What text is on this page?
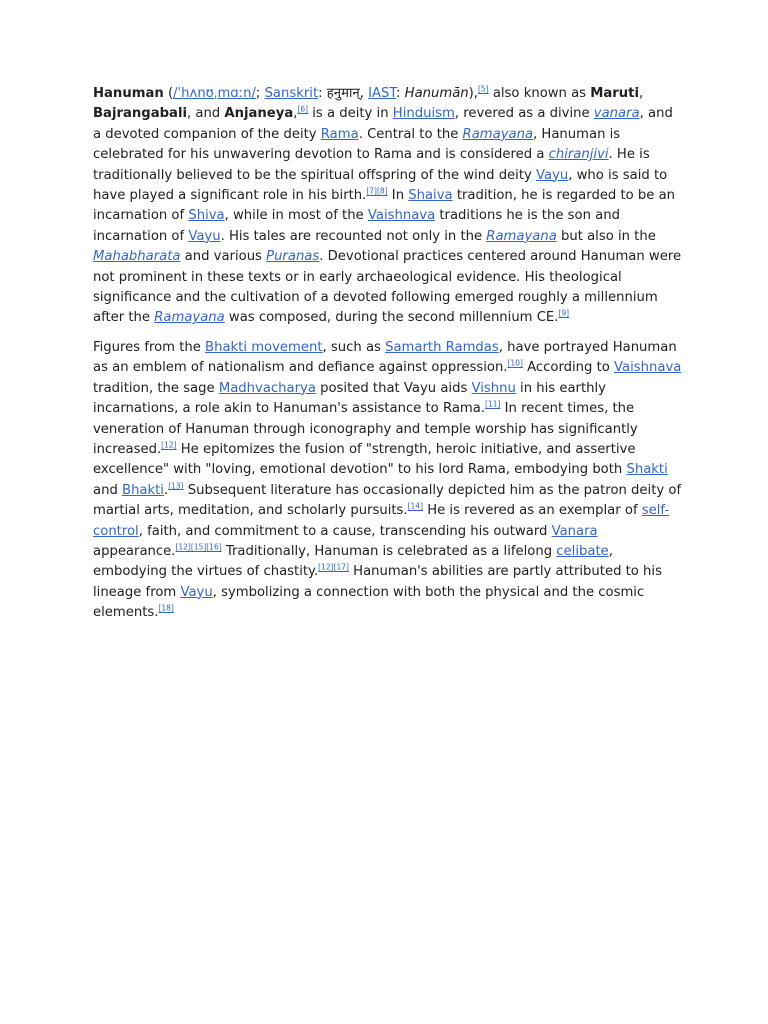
Hanuman (/ˈhʌnʊˌmɑːn/; Sanskrit: हनुमान्, IAST: Hanumān),[5] also known as Maruti, Bajrangabali, and Anjaneya,[6] is a deity in Hinduism, revered as a divine vanara, and a devoted companion of the deity Rama. Central to the Ramayana, Hanuman is celebrated for his unwavering devotion to Rama and is considered a chiranjivi. He is traditionally believed to be the spiritual offspring of the wind deity Vayu, who is said to have played a significant role in his birth.[7][8] In Shaiva tradition, he is regarded to be an incarnation of Shiva, while in most of the Vaishnava traditions he is the son and incarnation of Vayu. His tales are recounted not only in the Ramayana but also in the Mahabharata and various Puranas. Devotional practices centered around Hanuman were not prominent in these texts or in early archaeological evidence. His theological significance and the cultivation of a devoted following emerged roughly a millennium after the Ramayana was composed, during the second millennium CE.[9]

Figures from the Bhakti movement, such as Samarth Ramdas, have portrayed Hanuman as an emblem of nationalism and defiance against oppression.[10] According to Vaishnava tradition, the sage Madhvacharya posited that Vayu aids Vishnu in his earthly incarnations, a role akin to Hanuman's assistance to Rama.[11] In recent times, the veneration of Hanuman through iconography and temple worship has significantly increased.[12] He epitomizes the fusion of "strength, heroic initiative, and assertive excellence" with "loving, emotional devotion" to his lord Rama, embodying both Shakti and Bhakti.[13] Subsequent literature has occasionally depicted him as the patron deity of martial arts, meditation, and scholarly pursuits.[14] He is revered as an exemplar of self-control, faith, and commitment to a cause, transcending his outward Vanara appearance.[12][15][16] Traditionally, Hanuman is celebrated as a lifelong celibate, embodying the virtues of chastity.[12][17] Hanuman's abilities are partly attributed to his lineage from Vayu, symbolizing a connection with both the physical and the cosmic elements.[18]
